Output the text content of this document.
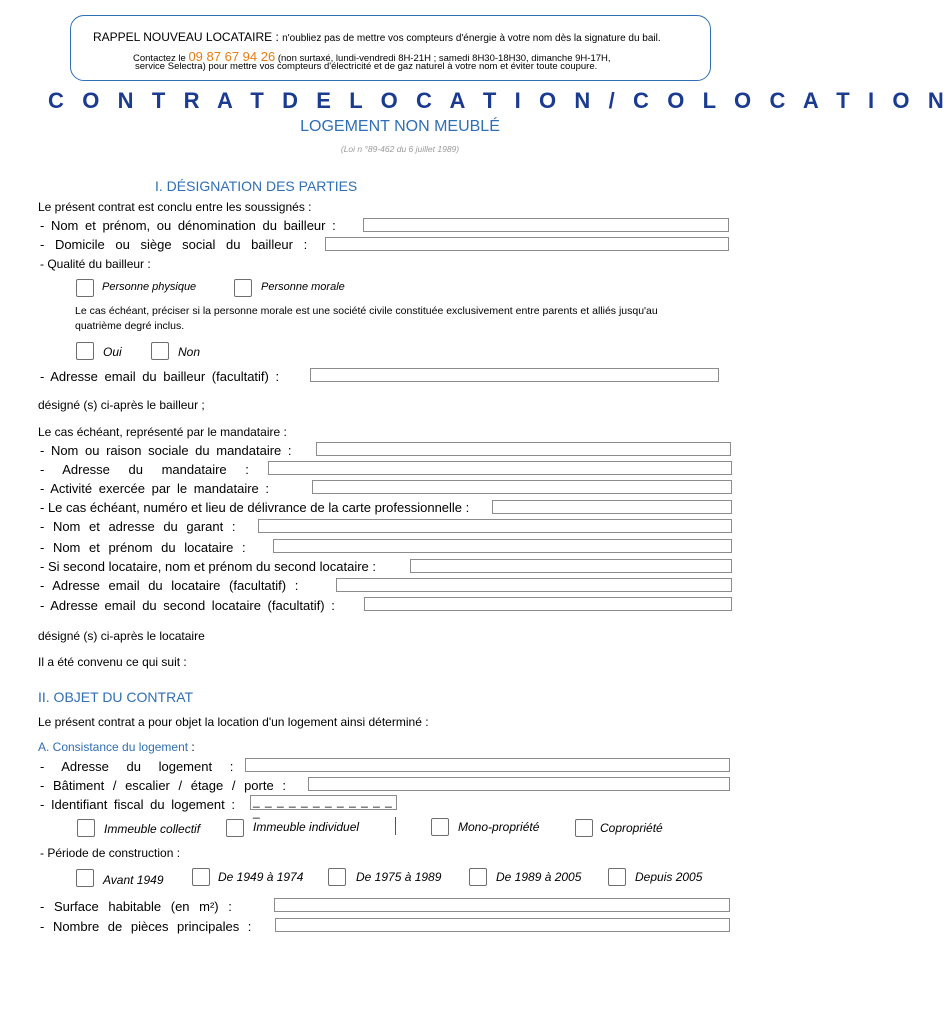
RAPPEL NOUVEAU LOCATAIRE : n'oubliez pas de mettre vos compteurs d'énergie à votre nom dès la signature du bail.
Contactez le 09 87 67 94 26 (non surtaxé, lundi-vendredi 8H-21H ; samedi 8H30-18H30, dimanche 9H-17H,
service Selectra) pour mettre vos compteurs d'électricité et de gaz naturel à votre nom et éviter toute coupure.
C O N T R A T D E L O C A T I O N / C O L O C A T I O N
LOGEMENT NON MEUBLÉ
(Loi n °89-462 du 6 juillet 1989)
I. DÉSIGNATION DES PARTIES
Le présent contrat est conclu entre les soussignés :
- Nom et prénom, ou dénomination du bailleur :
- Domicile ou siège social du bailleur :
- Qualité du bailleur :
Personne physique	Personne morale
Le cas échéant, préciser si la personne morale est une société civile constituée exclusivement entre parents et alliés jusqu'au
quatrième degré inclus.
Oui	Non
- Adresse email du bailleur (facultatif) :
désigné (s) ci-après le bailleur ;
Le cas échéant, représenté par le mandataire :
- Nom ou raison sociale du mandataire :
- Adresse du mandataire :
- Activité exercée par le mandataire :
- Le cas échéant, numéro et lieu de délivrance de la carte professionnelle :
- Nom et adresse du garant :
- Nom et prénom du locataire :
- Si second locataire, nom et prénom du second locataire :
- Adresse email du locataire (facultatif) :
- Adresse email du second locataire (facultatif) :
désigné (s) ci-après le locataire
Il a été convenu ce qui suit :
II. OBJET DU CONTRAT
Le présent contrat a pour objet la location d'un logement ainsi déterminé :
A. Consistance du logement :
- Adresse du logement :
- Bâtiment / escalier / étage / porte :
- Identifiant fiscal du logement : _ _ _ _ _ _ _ _ _ _ _ _ _
Immeuble collectif	Immeuble individuel	Mono-propriété	Copropriété
- Période de construction :
Avant 1949	De 1949 à 1974	De 1975 à 1989	De 1989 à 2005	Depuis 2005
- Surface habitable (en m²) :
- Nombre de pièces principales :
